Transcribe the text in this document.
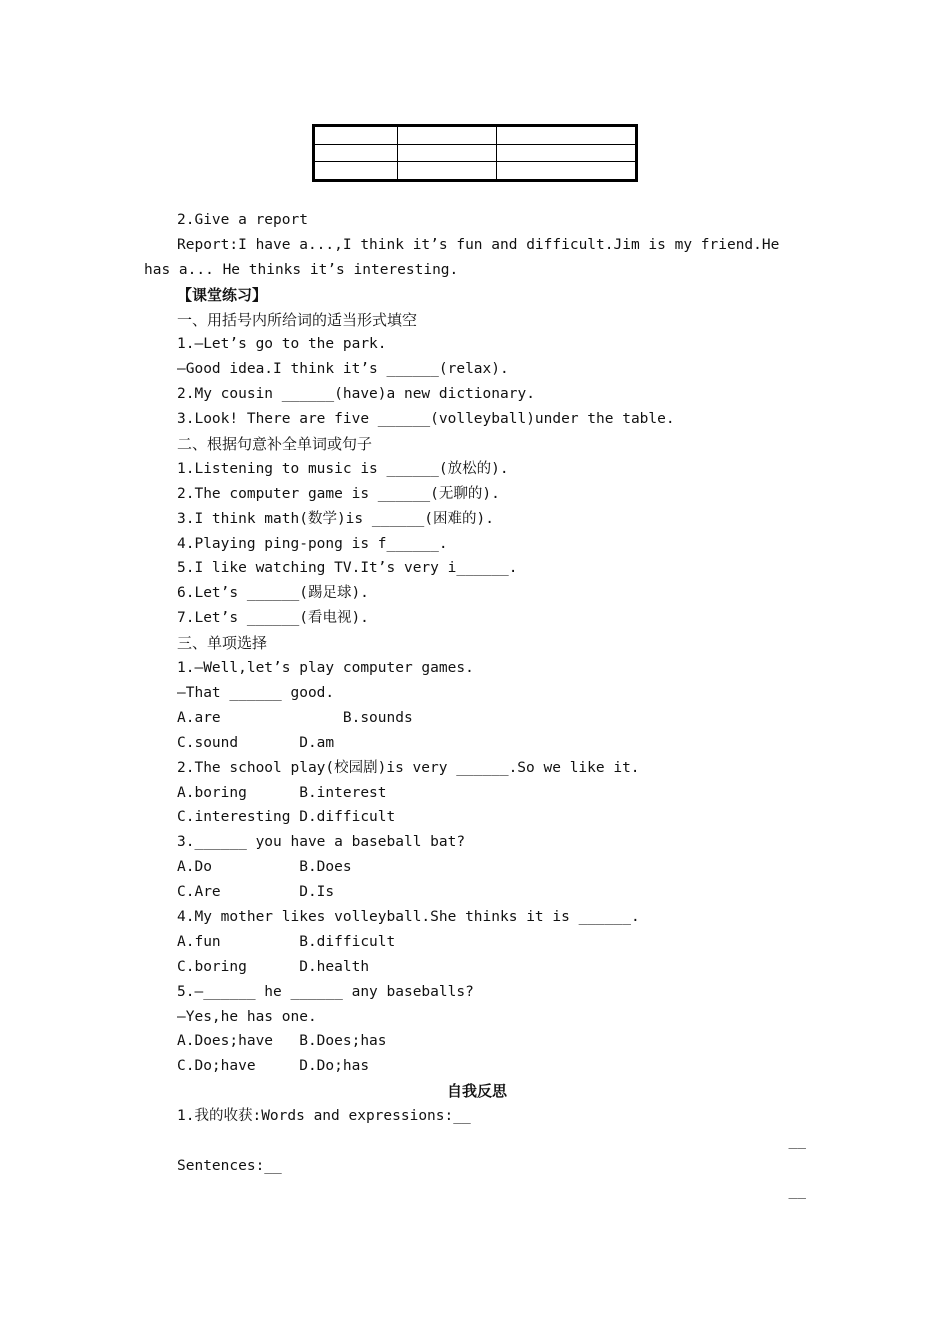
2.Give a report
Report:I have a...,I think it’s fun and difficult.Jim is my friend.He has a... He thinks it’s interesting.
【课堂练习】
一、用括号内所给词的适当形式填空
1.—Let’s go to the park.
—Good idea.I think it’s ______(relax).
2.My cousin ______(have)a new dictionary.
3.Look! There are five ______(volleyball)under the table.
二、根据句意补全单词或句子
1.Listening to music is ______(放松的).
2.The computer game is ______(无聊的).
3.I think math(数学)is ______(困难的).
4.Playing ping-pong is f______.
5.I like watching TV.It’s very i______.
6.Let’s ______(踢足球).
7.Let’s ______(看电视).
三、单项选择
1.—Well,let’s play computer games.
—That ______ good.
A.are              B.sounds
C.sound       D.am
2.The school play(校园剧)is very ______.So we like it.
A.boring      B.interest
C.interesting D.difficult
3.______ you have a baseball bat?
A.Do          B.Does
C.Are         D.Is
4.My mother likes volleyball.She thinks it is ______.
A.fun         B.difficult
C.boring      D.health
5.—______ he ______ any baseballs?
—Yes,he has one.
A.Does;have   B.Does;has
C.Do;have     D.Do;has
自我反思
1.我的收获:Words and expressions:__
__
Sentences:__
__
